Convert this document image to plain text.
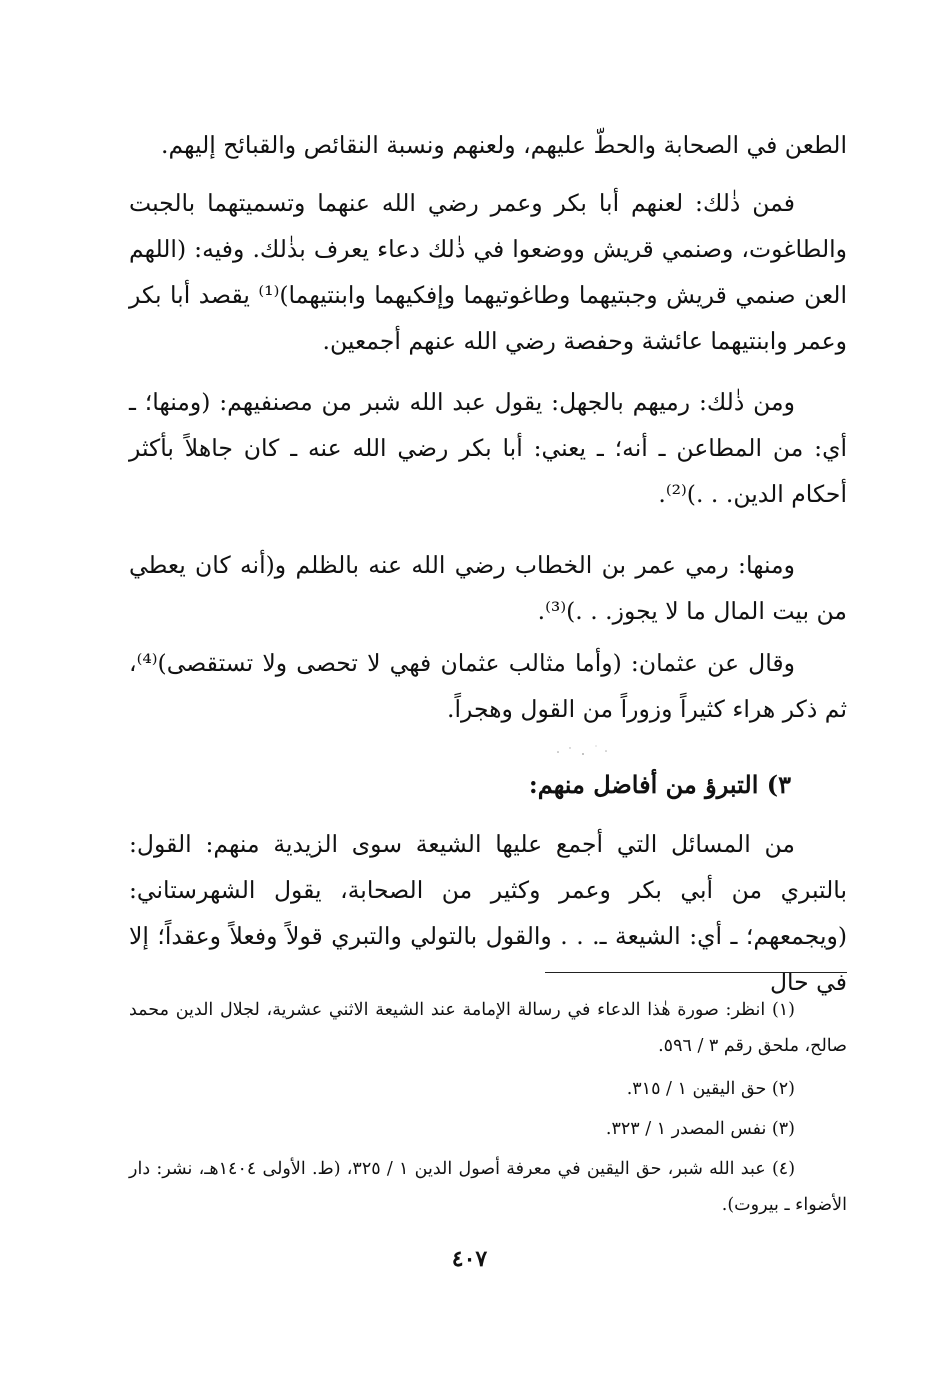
الطعن في الصحابة والحطّ عليهم، ولعنهم ونسبة النقائص والقبائح إليهم.

فمن ذٰلك: لعنهم أبا بكر وعمر رضي الله عنهما وتسميتهما بالجبت والطاغوت، وصنمي قريش ووضعوا في ذٰلك دعاء يعرف بذٰلك. وفيه: (اللهم العن صنمي قريش وجبتيهما وطاغوتيهما وإفكيهما وابنتيهما)⁽¹⁾ يقصد أبا بكر وعمر وابنتيهما عائشة وحفصة رضي الله عنهم أجمعين.

ومن ذٰلك: رميهم بالجهل: يقول عبد الله شبر من مصنفيهم: (ومنها؛ ـ أي: من المطاعن ـ أنه؛ ـ يعني: أبا بكر رضي الله عنه ـ كان جاهلاً بأكثر أحكام الدين. . .)⁽²⁾.

ومنها: رمي عمر بن الخطاب رضي الله عنه بالظلم و(أنه كان يعطي من بيت المال ما لا يجوز. . .)⁽³⁾.

وقال عن عثمان: (وأما مثالب عثمان فهي لا تحصى ولا تستقصى)⁽⁴⁾، ثم ذكر هراء كثيراً وزوراً من القول وهجراً.

٣) التبرؤ من أفاضل منهم:

من المسائل التي أجمع عليها الشيعة سوى الزيدية منهم: القول: بالتبري من أبي بكر وعمر وكثير من الصحابة، يقول الشهرستاني: (ويجمعهم؛ ـ أي: الشيعة ـ. . . والقول بالتولي والتبري قولاً وفعلاً وعقداً؛ إلا في حال

(١) انظر: صورة هٰذا الدعاء في رسالة الإمامة عند الشيعة الاثني عشرية، لجلال الدين محمد صالح، ملحق رقم ٣ / ٥٩٦.

(٢) حق اليقين ١ / ٣١٥.

(٣) نفس المصدر ١ / ٣٢٣.

(٤) عبد الله شبر، حق اليقين في معرفة أصول الدين ١ / ٣٢٥، (ط. الأولى ١٤٠٤هـ، نشر: دار الأضواء ـ بيروت).

٤٠٧
